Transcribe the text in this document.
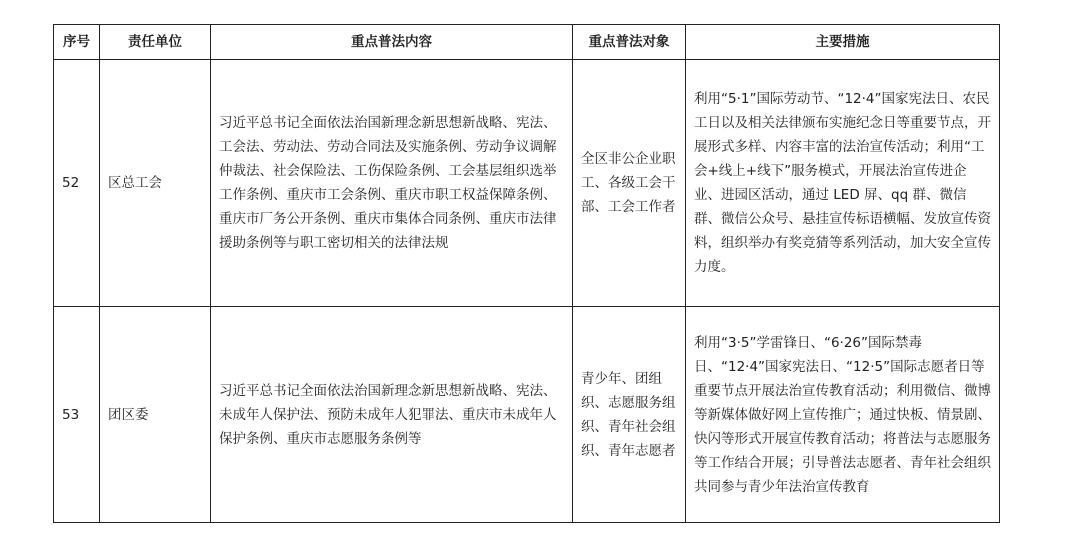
序号	责任单位	重点普法内容	重点普法对象	主要措施

52	区总工会	习近平总书记全面依法治国新理念新思想新战略、宪法、工会法、劳动法、劳动合同法及实施条例、劳动争议调解仲裁法、社会保险法、工伤保险条例、工会基层组织选举工作条例、重庆市工会条例、重庆市职工权益保障条例、重庆市厂务公开条例、重庆市集体合同条例、重庆市法律援助条例等与职工密切相关的法律法规	全区非公企业职工、各级工会干部、工会工作者	利用“5·1”国际劳动节、“12·4”国家宪法日、农民工日以及相关法律颁布实施纪念日等重要节点，开展形式多样、内容丰富的法治宣传活动；利用“工会+线上+线下”服务模式，开展法治宣传进企业、进园区活动，通过 LED 屏、qq 群、微信群、微信公众号、悬挂宣传标语横幅、发放宣传资料，组织举办有奖竞猜等系列活动，加大安全宣传力度。

53	团区委	习近平总书记全面依法治国新理念新思想新战略、宪法、未成年人保护法、预防未成年人犯罪法、重庆市未成年人保护条例、重庆市志愿服务条例等	青少年、团组织、志愿服务组织、青年社会组织、青年志愿者	利用“3·5”学雷锋日、“6·26”国际禁毒日、“12·4”国家宪法日、“12·5”国际志愿者日等重要节点开展法治宣传教育活动；利用微信、微博等新媒体做好网上宣传推广；通过快板、情景剧、快闪等形式开展宣传教育活动；将普法与志愿服务等工作结合开展；引导普法志愿者、青年社会组织共同参与青少年法治宣传教育
